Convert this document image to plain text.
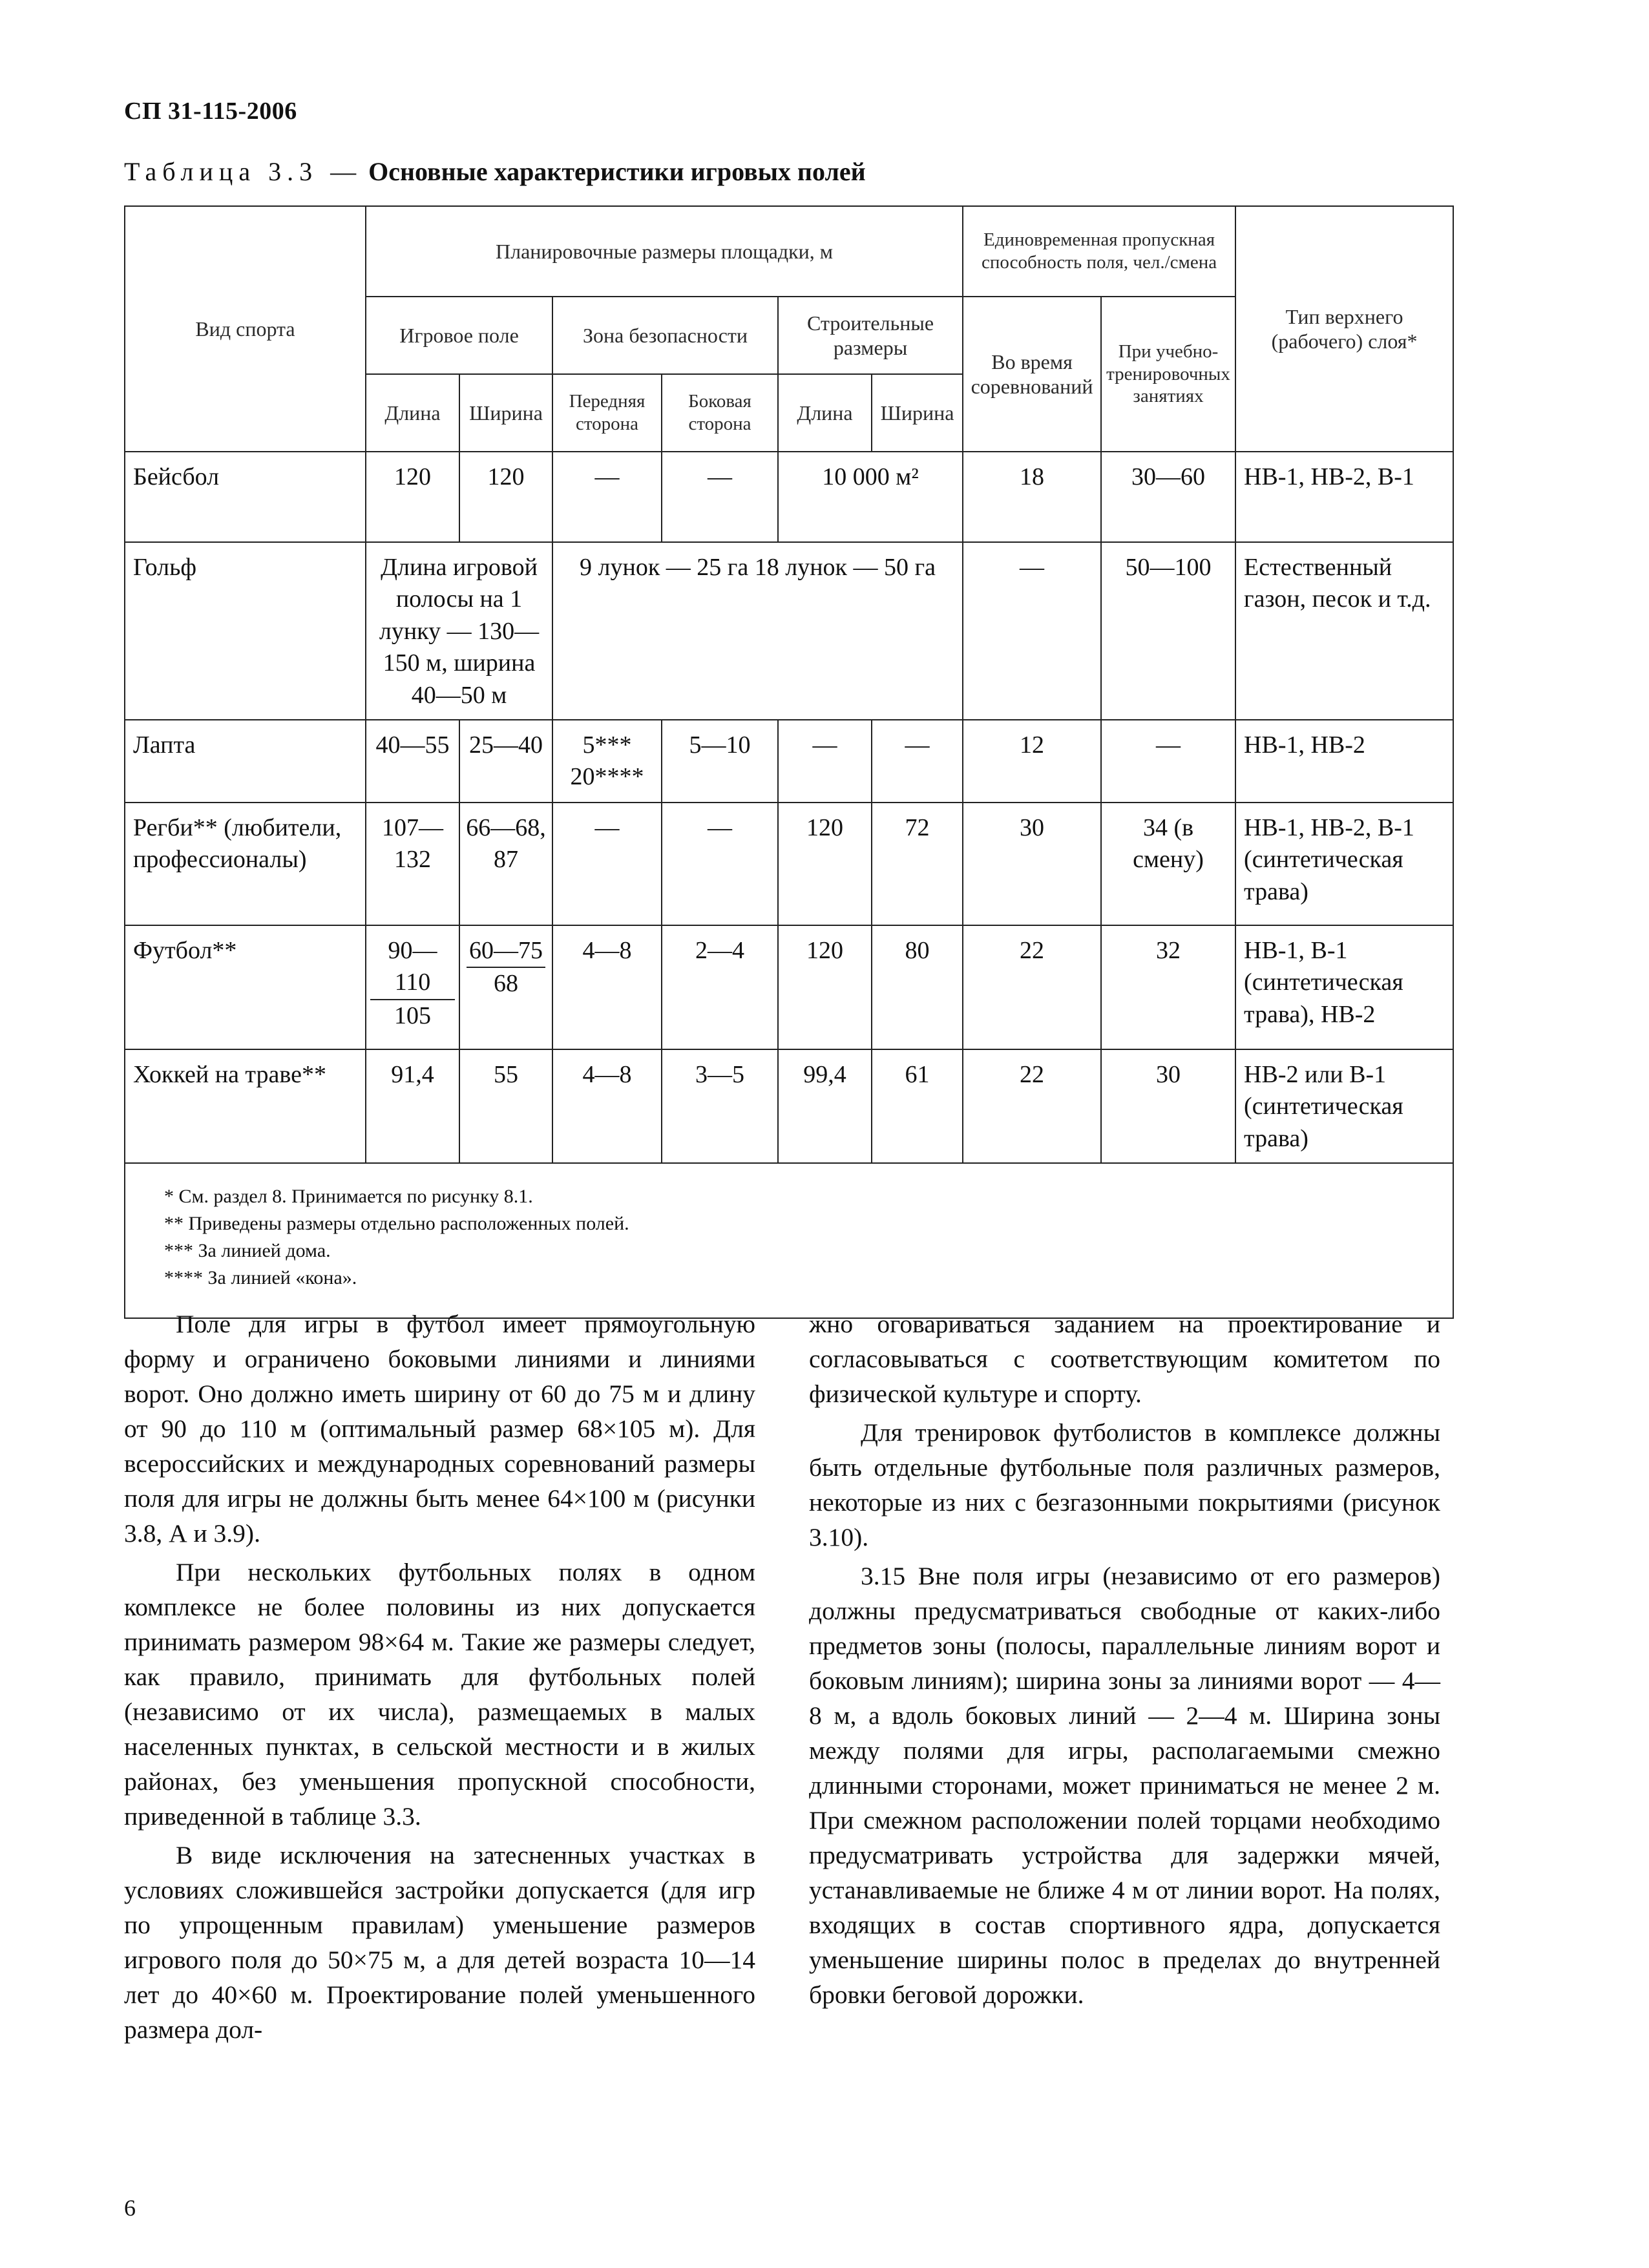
СП 31-115-2006
Таблица 3.3 — Основные характеристики игровых полей
Вид спорта	Планировочные размеры площадки, м						Единовременная пропускная способность поля, чел./смена		Тип верхнего (рабочего) слоя*
	Игровое поле		Зона безопасности		Строительные размеры		Во время соревнований	При учебно-тренировочных занятиях	
	Длина	Ширина	Передняя сторона	Боковая сторона	Длина	Ширина			
Бейсбол	120	120	—	—	10 000 м²		18	30—60	НВ-1, НВ-2, В-1
Гольф	Длина игровой полосы на 1 лунку — 130—150 м, ширина 40—50 м		9 лунок — 25 га 18 лунок — 50 га				—	50—100	Естественный газон, песок и т.д.
Лапта	40—55	25—40	5***
20****	5—10	—	—	12	—	НВ-1, НВ-2
Регби** (любители, профессионалы)	107—132	66—68, 87	—	—	120	72	30	34 (в смену)	НВ-1, НВ-2, В-1 (синтетическая трава)
Футбол**	$\frac{90—110}{105}$	$\frac{60—75}{68}$	4—8	2—4	120	80	22	32	НВ-1, В-1 (синтетическая трава), НВ-2
Хоккей на траве**	91,4	55	4—8	3—5	99,4	61	22	30	НВ-2 или В-1 (синтетическая трава)

* См. раздел 8. Принимается по рисунку 8.1.
** Приведены размеры отдельно расположенных полей.
*** За линией дома.
**** За линией «кона».									

Поле для игры в футбол имеет прямоугольную форму и ограничено боковыми линиями и линиями ворот. Оно должно иметь ширину от 60 до 75 м и длину от 90 до 110 м (оптимальный размер 68×105 м). Для всероссийских и международных соревнований размеры поля для игры не должны быть менее 64×100 м (рисунки 3.8, А и 3.9).

При нескольких футбольных полях в одном комплексе не более половины из них допускается принимать размером 98×64 м. Такие же размеры следует, как правило, принимать для футбольных полей (независимо от их числа), размещаемых в малых населенных пунктах, в сельской местности и в жилых районах, без уменьшения пропускной способности, приведенной в таблице 3.3.

В виде исключения на затесненных участках в условиях сложившейся застройки допускается (для игр по упрощенным правилам) уменьшение размеров игрового поля до 50×75 м, а для детей возраста 10—14 лет до 40×60 м. Проектирование полей уменьшенного размера дол-

жно оговариваться заданием на проектирование и согласовываться с соответствующим комитетом по физической культуре и спорту.

Для тренировок футболистов в комплексе должны быть отдельные футбольные поля различных размеров, некоторые из них с безгазонными покрытиями (рисунок 3.10).

3.15 Вне поля игры (независимо от его размеров) должны предусматриваться свободные от каких-либо предметов зоны (полосы, параллельные линиям ворот и боковым линиям); ширина зоны за линиями ворот — 4—8 м, а вдоль боковых линий — 2—4 м. Ширина зоны между полями для игры, располагаемыми смежно длинными сторонами, может приниматься не менее 2 м. При смежном расположении полей торцами необходимо предусматривать устройства для задержки мячей, устанавливаемые не ближе 4 м от линии ворот. На полях, входящих в состав спортивного ядра, допускается уменьшение ширины полос в пределах до внутренней бровки беговой дорожки.

6
